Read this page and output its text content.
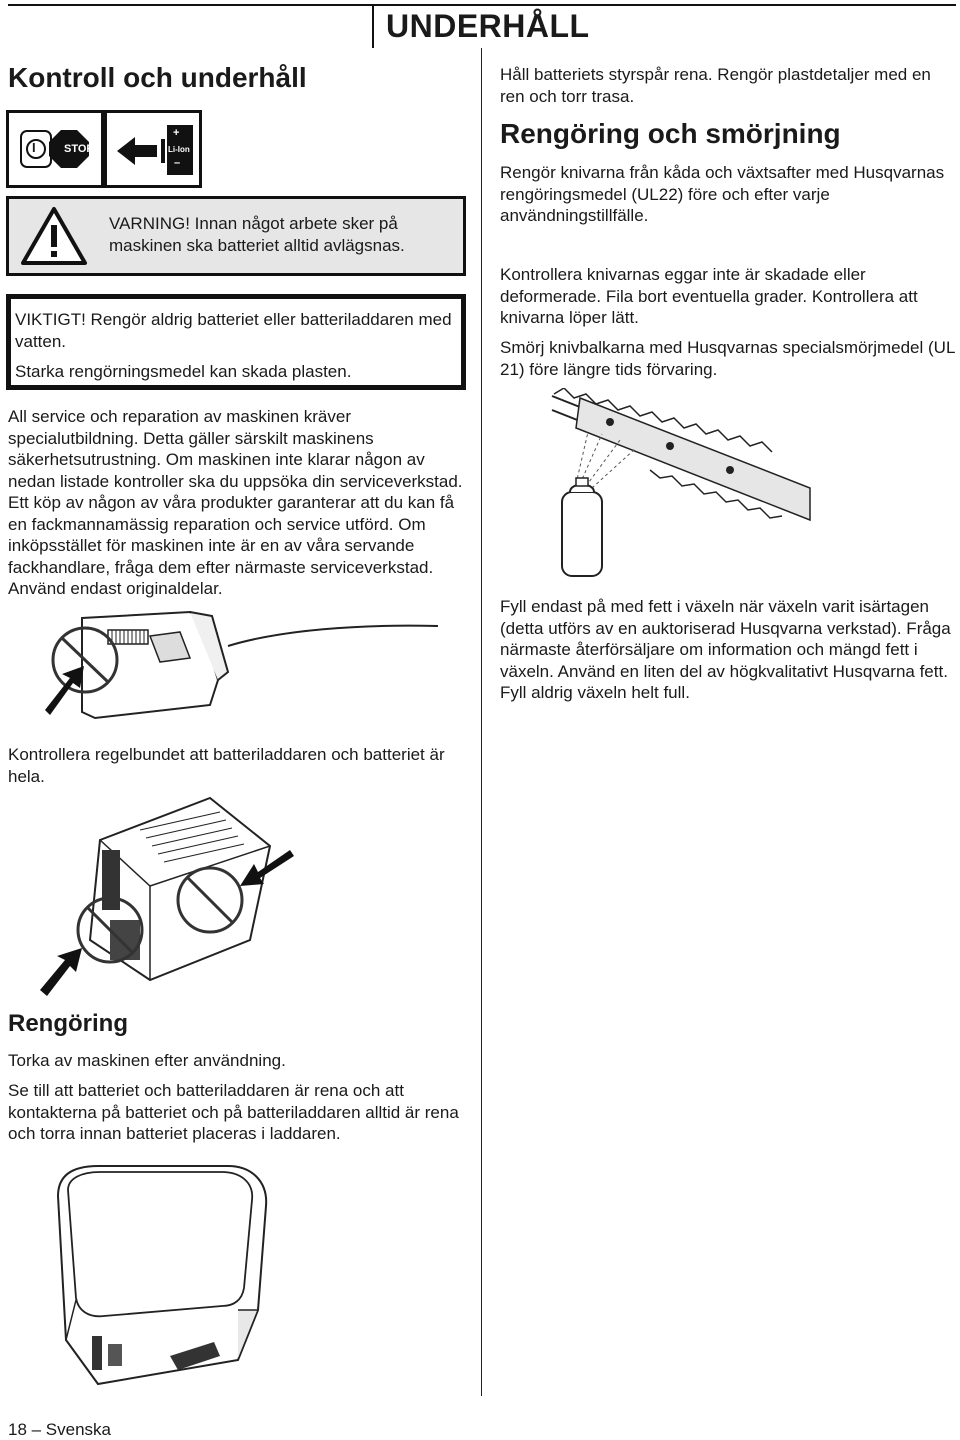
UNDERHÅLL
Kontroll och underhåll
I	STOP
+
Li-Ion
–
VARNING! Innan något arbete sker på maskinen ska batteriet alltid avlägsnas.
VIKTIGT! Rengör aldrig batteriet eller batteriladdaren med vatten.
Starka rengörningsmedel kan skada plasten.
All service och reparation av maskinen kräver specialutbildning. Detta gäller särskilt maskinens säkerhetsutrustning. Om maskinen inte klarar någon av nedan listade kontroller ska du uppsöka din serviceverkstad. Ett köp av någon av våra produkter garanterar att du kan få en fackmannamässig reparation och service utförd. Om inköpsstället för maskinen inte är en av våra servande fackhandlare, fråga dem efter närmaste serviceverkstad. Använd endast originaldelar.
Kontrollera regelbundet att batteriladdaren och batteriet är hela.
Rengöring
Torka av maskinen efter användning.
Se till att batteriet och batteriladdaren är rena och att kontakterna på batteriet och på batteriladdaren alltid är rena och torra innan batteriet placeras i laddaren.
Håll batteriets styrspår rena. Rengör plastdetaljer med en ren och torr trasa.
Rengöring och smörjning
Rengör knivarna från kåda och växtsafter med Husqvarnas rengöringsmedel (UL22) före och efter varje användningstillfälle.
Kontrollera knivarnas eggar inte är skadade eller deformerade. Fila bort eventuella grader. Kontrollera att knivarna löper lätt.
Smörj knivbalkarna med Husqvarnas specialsmörjmedel (UL 21) före längre tids förvaring.
Fyll endast på med fett i växeln när växeln varit isärtagen (detta utförs av en auktoriserad Husqvarna verkstad). Fråga närmaste återförsäljare om information och mängd fett i växeln. Använd en liten del av högkvalitativt Husqvarna fett. Fyll aldrig växeln helt full.
18 – Svenska
